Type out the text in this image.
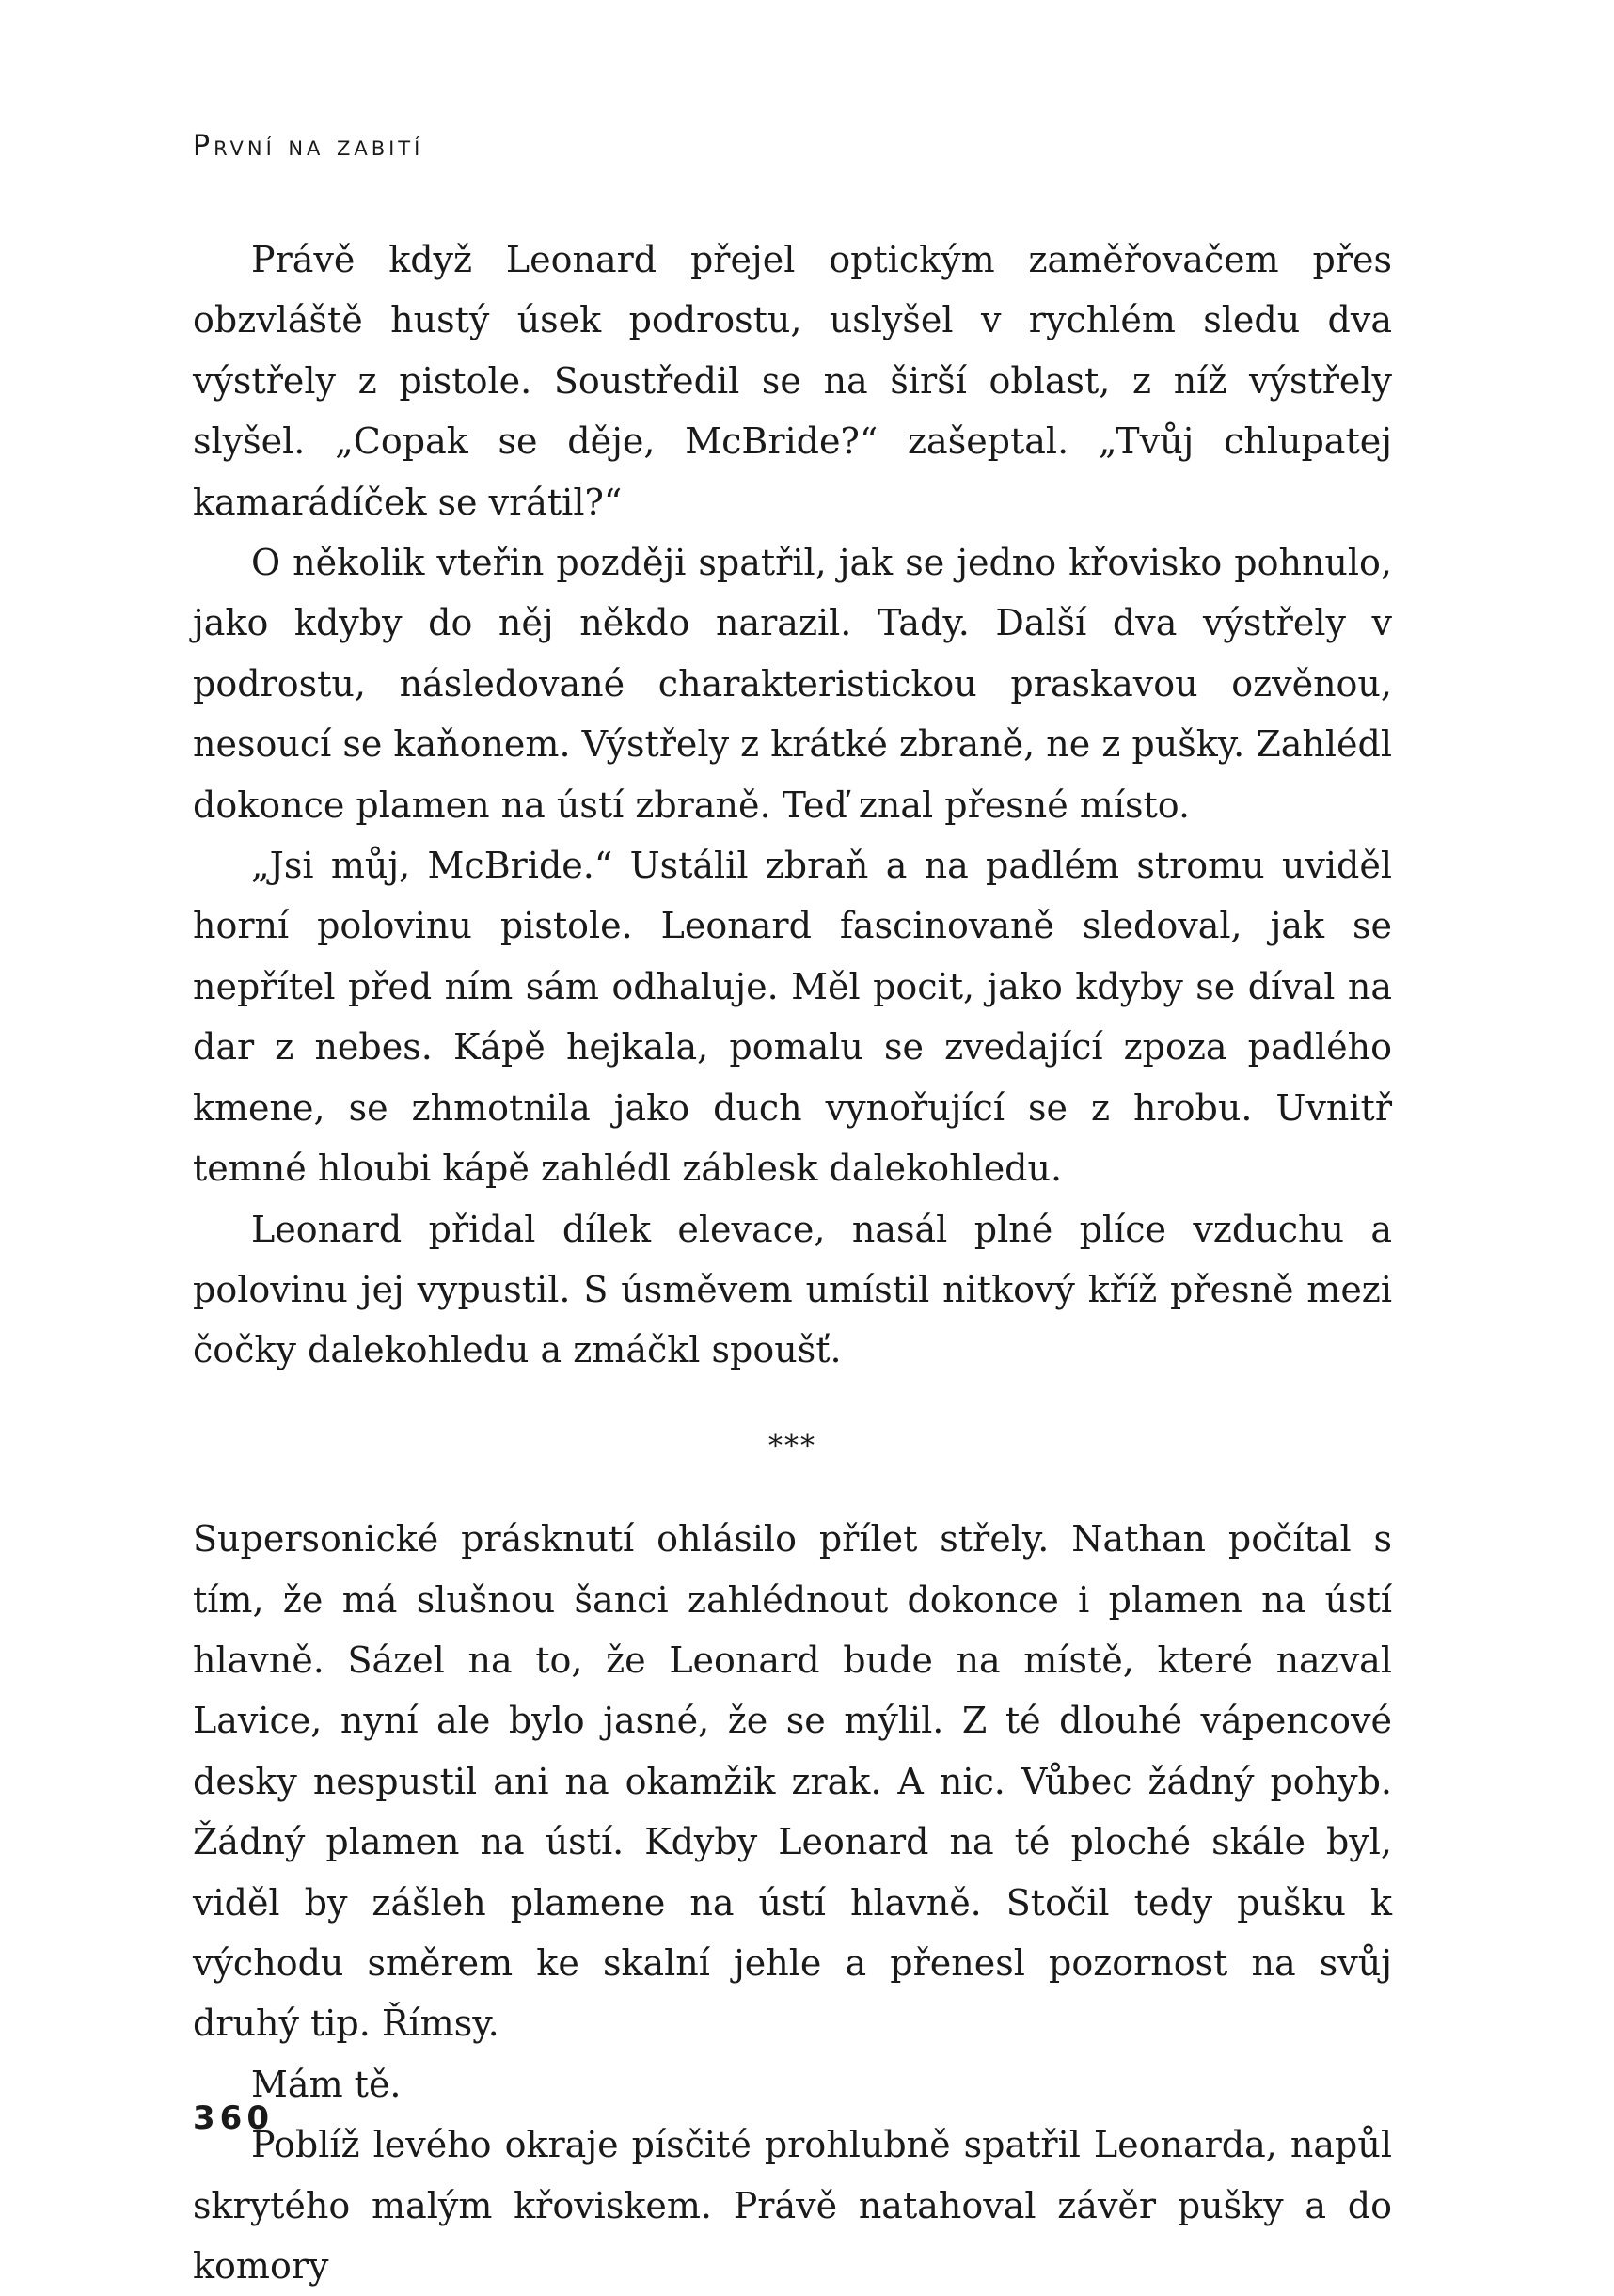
První na zabití

Právě když Leonard přejel optickým zaměřovačem přes obzvláště hustý úsek podrostu, uslyšel v rychlém sledu dva výstřely z pistole. Soustředil se na širší oblast, z níž výstřely slyšel. „Copak se děje, McBride?“ zašeptal. „Tvůj chlupatej kamarádíček se vrátil?“

O několik vteřin později spatřil, jak se jedno křovisko pohnulo, jako kdyby do něj někdo narazil. Tady. Další dva výstřely v podrostu, následované charakteristickou praskavou ozvěnou, nesoucí se kaňonem. Výstřely z krátké zbraně, ne z pušky. Zahlédl dokonce plamen na ústí zbraně. Teď znal přesné místo.

„Jsi můj, McBride.“ Ustálil zbraň a na padlém stromu uviděl horní polovinu pistole. Leonard fascinovaně sledoval, jak se nepřítel před ním sám odhaluje. Měl pocit, jako kdyby se díval na dar z nebes. Kápě hejkala, pomalu se zvedající zpoza padlého kmene, se zhmotnila jako duch vynořující se z hrobu. Uvnitř temné hloubi kápě zahlédl záblesk dalekohledu.

Leonard přidal dílek elevace, nasál plné plíce vzduchu a polovinu jej vypustil. S úsměvem umístil nitkový kříž přesně mezi čočky dalekohledu a zmáčkl spoušť.

***

Supersonické prásknutí ohlásilo přílet střely. Nathan počítal s tím, že má slušnou šanci zahlédnout dokonce i plamen na ústí hlavně. Sázel na to, že Leonard bude na místě, které nazval Lavice, nyní ale bylo jasné, že se mýlil. Z té dlouhé vápencové desky nespustil ani na okamžik zrak. A nic. Vůbec žádný pohyb. Žádný plamen na ústí. Kdyby Leonard na té ploché skále byl, viděl by zášleh plamene na ústí hlavně. Stočil tedy pušku k východu směrem ke skalní jehle a přenesl pozornost na svůj druhý tip. Římsy.

Mám tě.

Poblíž levého okraje písčité prohlubně spatřil Leonarda, napůl skrytého malým křoviskem. Právě natahoval závěr pušky a do komory

360
